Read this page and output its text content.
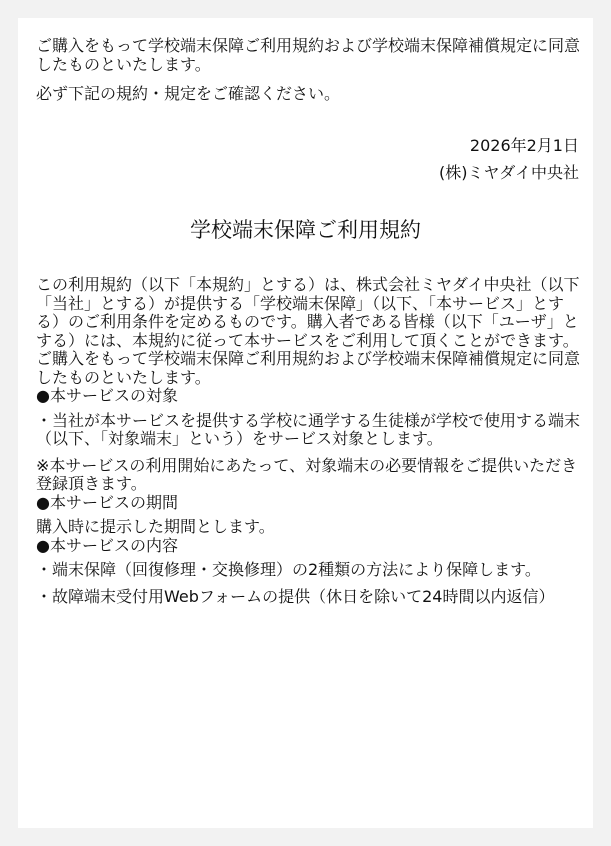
ご購入をもって学校端末保障ご利用規約および学校端末保障補償規定に同意したものといたします。

必ず下記の規約・規定をご確認ください。

2026年2月1日
(株)ミヤダイ中央社
学校端末保障ご利用規約

この利用規約（以下「本規約」とする）は、株式会社ミヤダイ中央社（以下「当社」とする）が提供する「学校端末保障」（以下、「本サービス」とする）のご利用条件を定めるものです。購入者である皆様（以下「ユーザ」とする）には、本規約に従って本サービスをご利用して頂くことができます。ご購入をもって学校端末保障ご利用規約および学校端末保障補償規定に同意したものといたします。

●本サービスの対象

・当社が本サービスを提供する学校に通学する生徒様が学校で使用する端末（以下、「対象端末」という）をサービス対象とします。

※本サービスの利用開始にあたって、対象端末の必要情報をご提供いただき登録頂きます。

●本サービスの期間

購入時に提示した期間とします。

●本サービスの内容

・端末保障（回復修理・交換修理）の2種類の方法により保障します。

・故障端末受付用Webフォームの提供（休日を除いて24時間以内返信）
